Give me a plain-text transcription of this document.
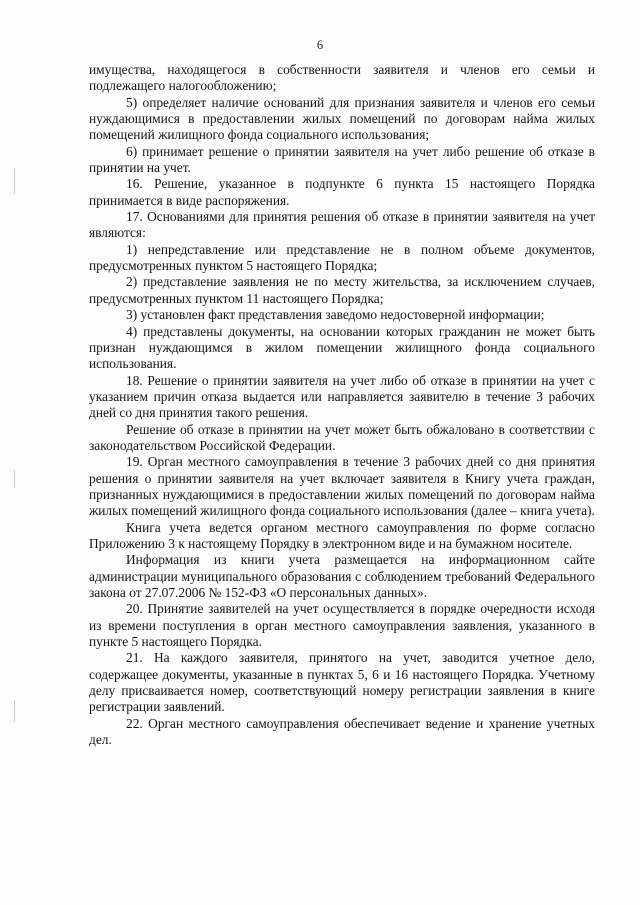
6

имущества, находящегося в собственности заявителя и членов его семьи и подлежащего налогообложению;

5) определяет наличие оснований для признания заявителя и членов его семьи нуждающимися в предоставлении жилых помещений по договорам найма жилых помещений жилищного фонда социального использования;

6) принимает решение о принятии заявителя на учет либо решение об отказе в принятии на учет.

16. Решение, указанное в подпункте 6 пункта 15 настоящего Порядка принимается в виде распоряжения.

17. Основаниями для принятия решения об отказе в принятии заявителя на учет являются:

1) непредставление или представление не в полном объеме документов, предусмотренных пунктом 5 настоящего Порядка;

2) представление заявления не по месту жительства, за исключением случаев, предусмотренных пунктом 11 настоящего Порядка;

3) установлен факт представления заведомо недостоверной информации;

4) представлены документы, на основании которых гражданин не может быть признан нуждающимся в жилом помещении жилищного фонда социального использования.

18. Решение о принятии заявителя на учет либо об отказе в принятии на учет с указанием причин отказа выдается или направляется заявителю в течение 3 рабочих дней со дня принятия такого решения.

Решение об отказе в принятии на учет может быть обжаловано в соответствии с законодательством Российской Федерации.

19. Орган местного самоуправления в течение 3 рабочих дней со дня принятия решения о принятии заявителя на учет включает заявителя в Книгу учета граждан, признанных нуждающимися в предоставлении жилых помещений по договорам найма жилых помещений жилищного фонда социального использования (далее – книга учета).

Книга учета ведется органом местного самоуправления по форме согласно Приложению 3 к настоящему Порядку в электронном виде и на бумажном носителе.

Информация из книги учета размещается на информационном сайте администрации муниципального образования с соблюдением требований Федерального закона от 27.07.2006 № 152-ФЗ «О персональных данных».

20. Принятие заявителей на учет осуществляется в порядке очередности исходя из времени поступления в орган местного самоуправления заявления, указанного в пункте 5 настоящего Порядка.

21. На каждого заявителя, принятого на учет, заводится учетное дело, содержащее документы, указанные в пунктах 5, 6 и 16 настоящего Порядка. Учетному делу присваивается номер, соответствующий номеру регистрации заявления в книге регистрации заявлений.

22. Орган местного самоуправления обеспечивает ведение и хранение учетных дел.
